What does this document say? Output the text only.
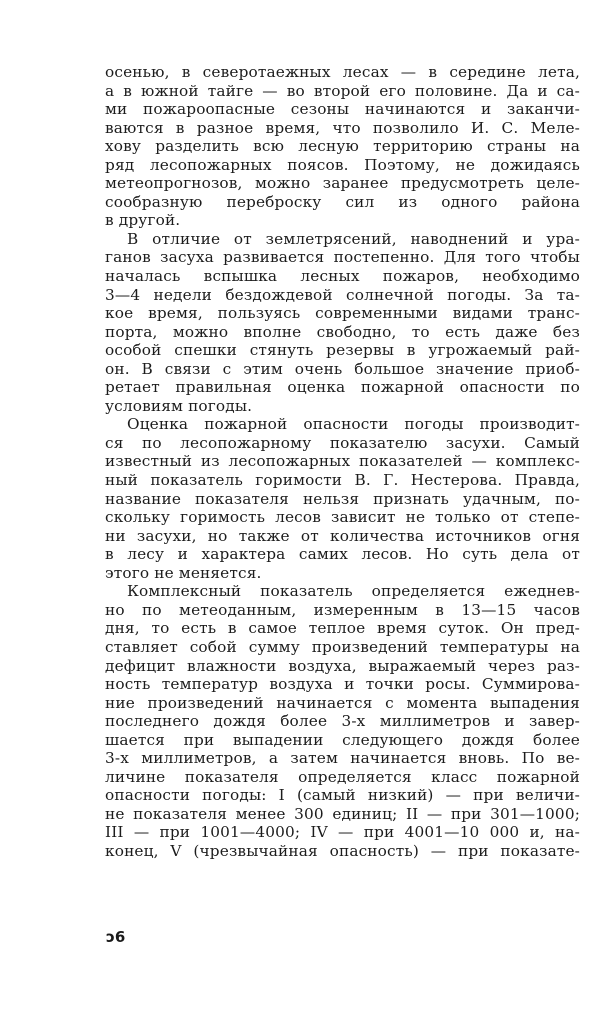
осенью, в северотаежных лесах — в середине лета,
а в южной тайге — во второй его половине. Да и са-
ми пожароопасные сезоны начинаются и заканчи-
ваются в разное время, что позволило И. С. Меле-
хову разделить всю лесную территорию страны на
ряд лесопожарных поясов. Поэтому, не дожидаясь
метеопрогнозов, можно заранее предусмотреть целе-
сообразную переброску сил из одного района
в другой.
В отличие от землетрясений, наводнений и ура-
ганов засуха развивается постепенно. Для того чтобы
началась вспышка лесных пожаров, необходимо
3—4 недели бездождевой солнечной погоды. За та-
кое время, пользуясь современными видами транс-
порта, можно вполне свободно, то есть даже без
особой спешки стянуть резервы в угрожаемый рай-
он. В связи с этим очень большое значение приоб-
ретает правильная оценка пожарной опасности по
условиям погоды.
Оценка пожарной опасности погоды производит-
ся по лесопожарному показателю засухи. Самый
известный из лесопожарных показателей — комплекс-
ный показатель горимости В. Г. Нестерова. Правда,
название показателя нельзя признать удачным, по-
скольку горимость лесов зависит не только от степе-
ни засухи, но также от количества источников огня
в лесу и характера самих лесов. Но суть дела от
этого не меняется.
Комплексный показатель определяется ежеднев-
но по метеоданным, измеренным в 13—15 часов
дня, то есть в самое теплое время суток. Он пред-
ставляет собой сумму произведений температуры на
дефицит влажности воздуха, выражаемый через раз-
ность температур воздуха и точки росы. Суммирова-
ние произведений начинается с момента выпадения
последнего дождя более 3-х миллиметров и завер-
шается при выпадении следующего дождя более
3-х миллиметров, а затем начинается вновь. По ве-
личине показателя определяется класс пожарной
опасности погоды: I (самый низкий) — при величи-
не показателя менее 300 единиц; II — при 301—1000;
III — при 1001—4000; IV — при 4001—10 000 и, на-
конец, V (чрезвычайная опасность) — при показате-
ɔ6
